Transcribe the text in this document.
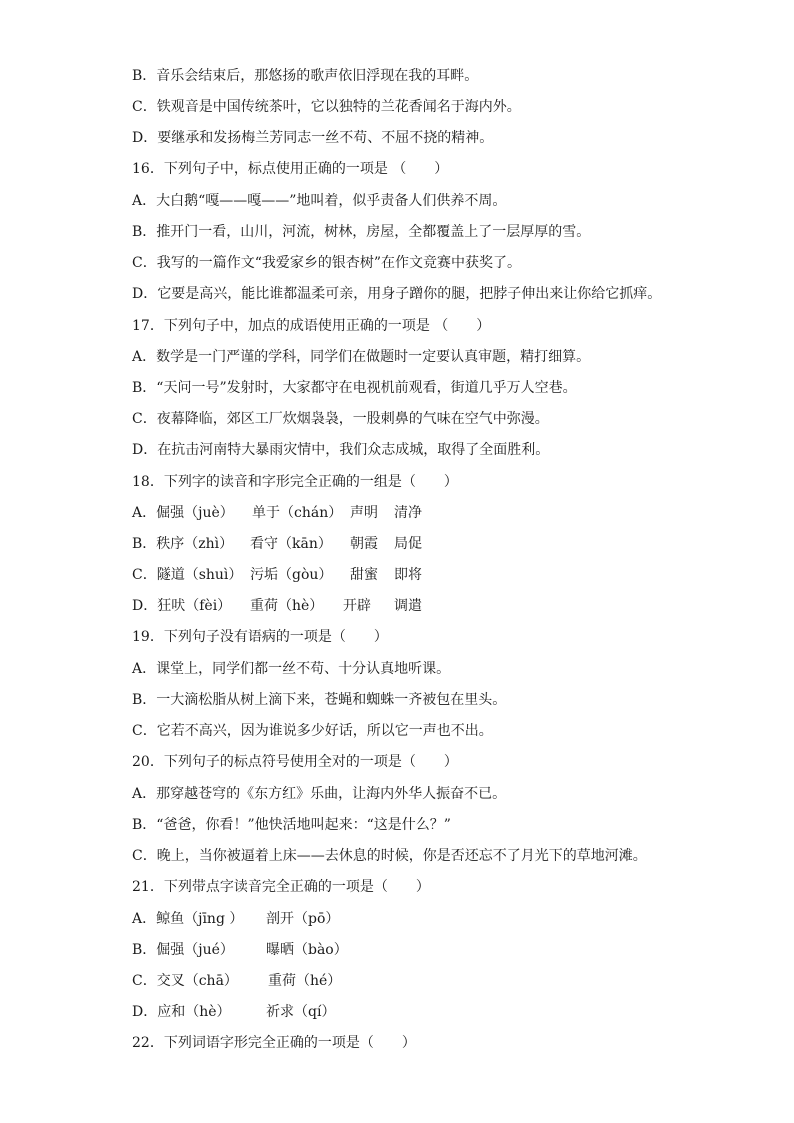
B．音乐会结束后，那悠扬的歌声依旧浮现在我的耳畔。
C．铁观音是中国传统茶叶，它以独特的兰花香闻名于海内外。
D．要继承和发扬梅兰芳同志一丝不苟、不屈不挠的精神。
16．下列句子中，标点使用正确的一项是 （　　）
A．大白鹅“嘎——嘎——”地叫着，似乎责备人们供养不周。
B．推开门一看，山川，河流，树林，房屋，全都覆盖上了一层厚厚的雪。
C．我写的一篇作文“我爱家乡的银杏树”在作文竞赛中获奖了。
D．它要是高兴，能比谁都温柔可亲，用身子蹭你的腿，把脖子伸出来让你给它抓痒。
17．下列句子中，加点的成语使用正确的一项是 （　　）
A．数学是一门严谨的学科，同学们在做题时一定要认真审题，精打细算。
B．“天问一号”发射时，大家都守在电视机前观看，街道几乎万人空巷。
C．夜幕降临，郊区工厂炊烟袅袅，一股刺鼻的气味在空气中弥漫。
D．在抗击河南特大暴雨灾情中，我们众志成城，取得了全面胜利。
18．下列字的读音和字形完全正确的一组是（　　）
A．倔强（juè） 单于（chán） 声明 清净
B．秩序（zhì） 看守（kān） 朝霞 局促
C．隧道（shuì） 污垢（gòu） 甜蜜 即将
D．狂吠（fèi） 重荷（hè） 开辟 调遣
19．下列句子没有语病的一项是（　　）
A．课堂上，同学们都一丝不苟、十分认真地听课。
B．一大滴松脂从树上滴下来，苍蝇和蜘蛛一齐被包在里头。
C．它若不高兴，因为谁说多少好话，所以它一声也不出。
20．下列句子的标点符号使用全对的一项是（　　）
A．那穿越苍穹的《东方红》乐曲，让海内外华人振奋不已。
B．“爸爸，你看！”他快活地叫起来：“这是什么？”
C．晚上，当你被逼着上床——去休息的时候，你是否还忘不了月光下的草地河滩。
21．下列带点字读音完全正确的一项是（　　）
A．鲸鱼（jīng ） 剖开（pō）
B．倔强（jué） 曝晒（bào）
C．交叉（chā） 重荷（hé）
D．应和（hè）	祈求（qí）
22．下列词语字形完全正确的一项是（　　）
